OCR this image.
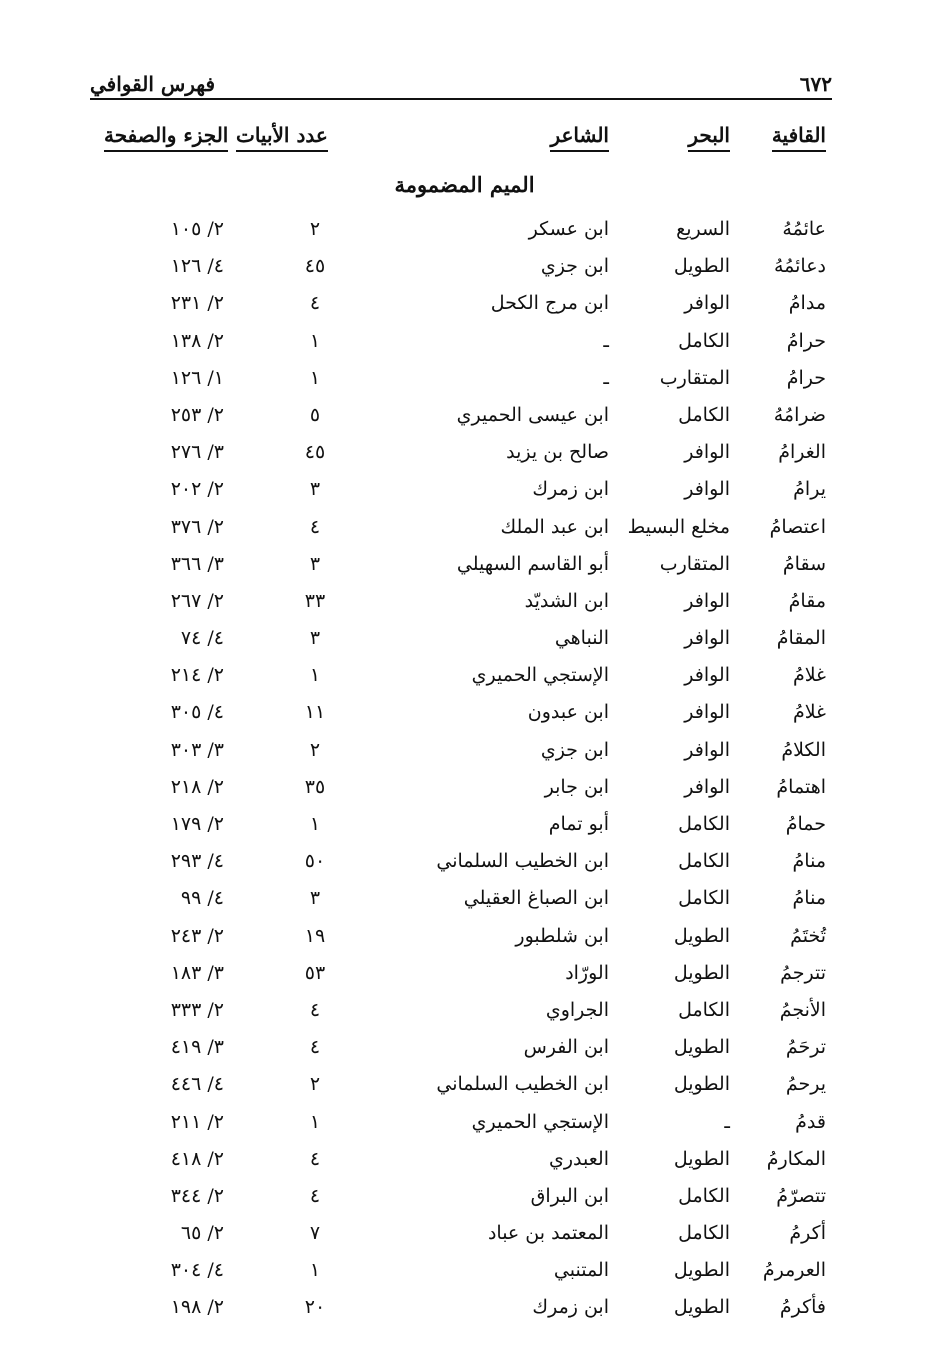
٦٧٢
فهرس القوافي
القافية
البحر
الشاعر
عدد الأبيات
الجزء والصفحة
الميم المضمومة
عائمُهُ
السريع
ابن عسكر
٢
٢/ ١٠٥
دعائمُهُ
الطويل
ابن جزي
٤٥
٤/ ١٢٦
مدامُ
الوافر
ابن مرج الكحل
٤
٢/ ٢٣١
حرامُ
الكامل
ـ
١
٢/ ١٣٨
حرامُ
المتقارب
ـ
١
١/ ١٢٦
ضرامُهُ
الكامل
ابن عيسى الحميري
٥
٢/ ٢٥٣
الغرامُ
الوافر
صالح بن يزيد
٤٥
٣/ ٢٧٦
يرامُ
الوافر
ابن زمرك
٣
٢/ ٢٠٢
اعتصامُ
مخلع البسيط
ابن عبد الملك
٤
٢/ ٣٧٦
سقامُ
المتقارب
أبو القاسم السهيلي
٣
٣/ ٣٦٦
مقامُ
الوافر
ابن الشديّد
٣٣
٢/ ٢٦٧
المقامُ
الوافر
النباهي
٣
٤/ ٧٤
غلامُ
الوافر
الإستجي الحميري
١
٢/ ٢١٤
غلامُ
الوافر
ابن عبدون
١١
٤/ ٣٠٥
الكلامُ
الوافر
ابن جزي
٢
٣/ ٣٠٣
اهتمامُ
الوافر
ابن جابر
٣٥
٢/ ٢١٨
حمامُ
الكامل
أبو تمام
١
٢/ ١٧٩
منامُ
الكامل
ابن الخطيب السلماني
٥٠
٤/ ٢٩٣
منامُ
الكامل
ابن الصباغ العقيلي
٣
٤/ ٩٩
تُختَمُ
الطويل
ابن شلطبور
١٩
٢/ ٢٤٣
تترجمُ
الطويل
الورّاد
٥٣
٣/ ١٨٣
الأنجمُ
الكامل
الجراوي
٤
٢/ ٣٣٣
ترحَمُ
الطويل
ابن الفرس
٤
٣/ ٤١٩
يرحمُ
الطويل
ابن الخطيب السلماني
٢
٤/ ٤٤٦
قدمُ
ـ
الإستجي الحميري
١
٢/ ٢١١
المكارمُ
الطويل
العبدري
٤
٢/ ٤١٨
تتصرّمُ
الكامل
ابن البراق
٤
٢/ ٣٤٤
أكرمُ
الكامل
المعتمد بن عباد
٧
٢/ ٦٥
العرمرمُ
الطويل
المتنبي
١
٤/ ٣٠٤
فأكرمُ
الطويل
ابن زمرك
٢٠
٢/ ١٩٨
